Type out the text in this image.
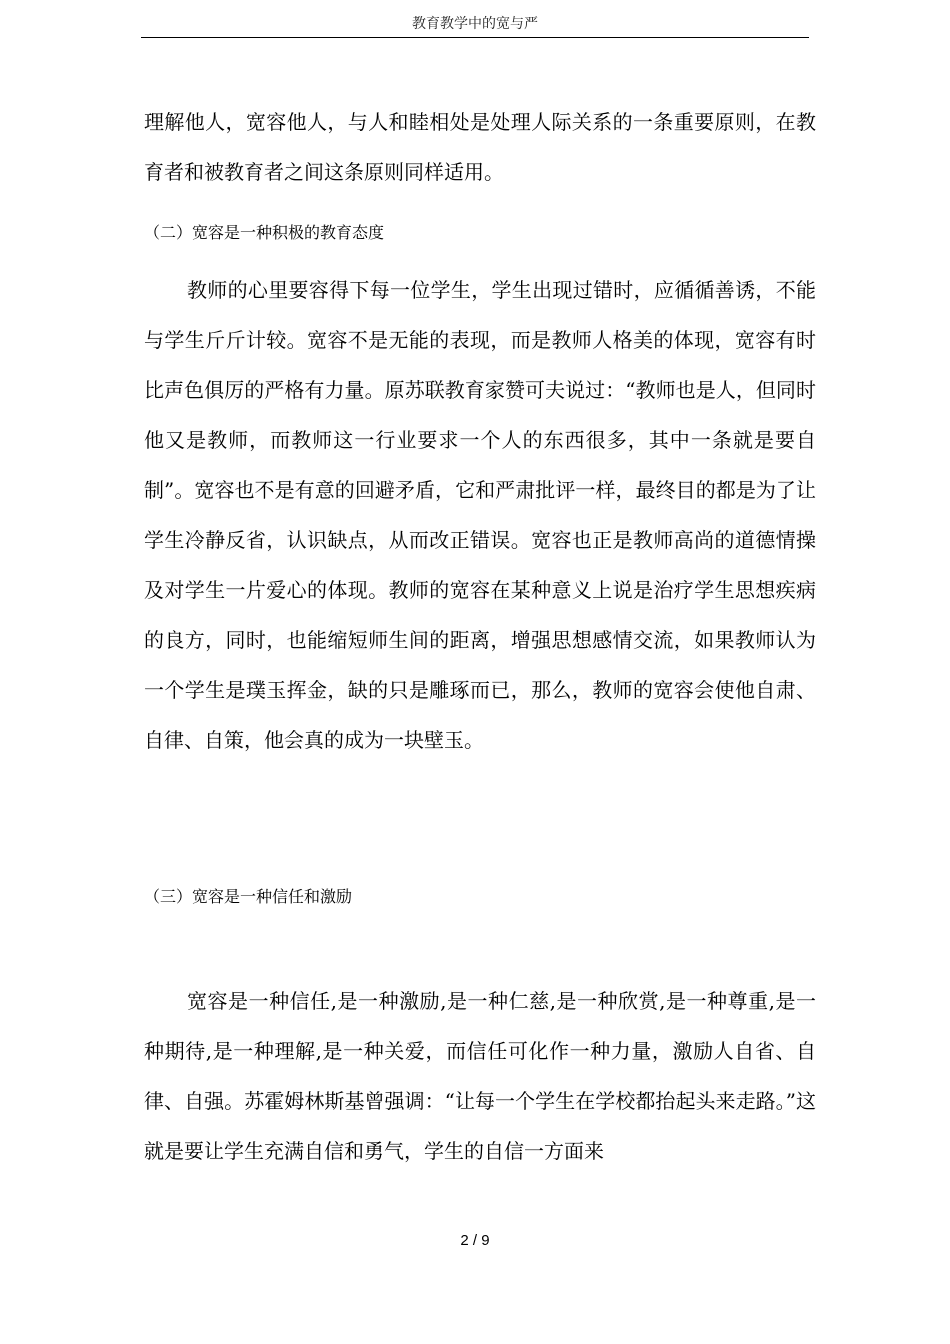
教育教学中的宽与严

理解他人，宽容他人，与人和睦相处是处理人际关系的一条重要原则，在教育者和被教育者之间这条原则同样适用。

（二）宽容是一种积极的教育态度

教师的心里要容得下每一位学生，学生出现过错时，应循循善诱，不能与学生斤斤计较。宽容不是无能的表现，而是教师人格美的体现，宽容有时比声色俱厉的严格有力量。原苏联教育家赞可夫说过：“教师也是人，但同时他又是教师，而教师这一行业要求一个人的东西很多，其中一条就是要自制”。宽容也不是有意的回避矛盾，它和严肃批评一样，最终目的都是为了让学生冷静反省，认识缺点，从而改正错误。宽容也正是教师高尚的道德情操及对学生一片爱心的体现。教师的宽容在某种意义上说是治疗学生思想疾病的良方，同时，也能缩短师生间的距离，增强思想感情交流，如果教师认为一个学生是璞玉挥金，缺的只是雕琢而已，那么，教师的宽容会使他自肃、自律、自策，他会真的成为一块壁玉。

（三）宽容是一种信任和激励

宽容是一种信任,是一种激励,是一种仁慈,是一种欣赏,是一种尊重,是一种期待,是一种理解,是一种关爱，而信任可化作一种力量，激励人自省、自律、自强。苏霍姆林斯基曾强调：“让每一个学生在学校都抬起头来走路。”这就是要让学生充满自信和勇气，学生的自信一方面来

2 / 9
